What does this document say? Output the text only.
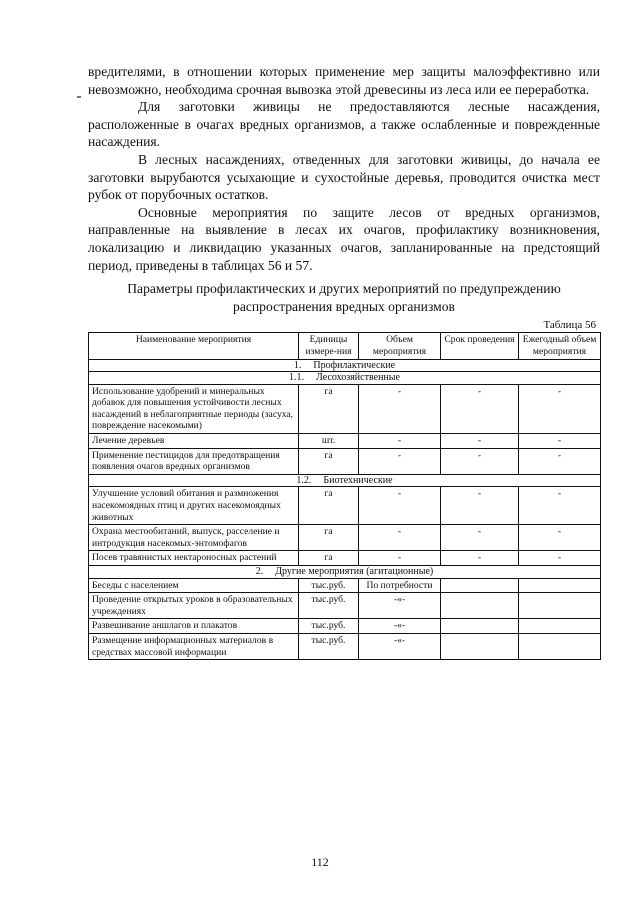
вредителями, в отношении которых применение мер защиты малоэффективно или невозможно, необходима срочная вывозка этой древесины из леса или ее переработка.

Для заготовки живицы не предоставляются лесные насаждения, расположенные в очагах вредных организмов, а также ослабленные и поврежденные насаждения.

В лесных насаждениях, отведенных для заготовки живицы, до начала ее заготовки вырубаются усыхающие и сухостойные деревья, проводится очистка мест рубок от порубочных остатков.

Основные мероприятия по защите лесов от вредных организмов, направленные на выявление в лесах их очагов, профилактику возникновения, локализацию и ликвидацию указанных очагов, запланированные на предстоящий период, приведены в таблицах 56 и 57.

Параметры профилактических и других мероприятий по предупреждению
распространения вредных организмов
Таблица 56
Наименование мероприятия	Единицы измере-ния	Объем мероприятия	Срок проведения	Ежегодный объем мероприятия
1. Профилактические				
1.1. Лесохозяйственные				
Использование удобрений и минеральных добавок для повышения устойчивости лесных насаждений в неблагоприятные периоды (засуха, повреждение насекомыми)	га	-	-	-
Лечение деревьев	шт.	-	-	-
Применение пестицидов для предотвращения появления очагов вредных организмов	га	-	-	-
1.2. Биотехнические				
Улучшение условий обитания и размножения насекомоядных птиц и других насекомоядных животных	га	-	-	-
Охрана местообитаний, выпуск, расселение и интродукция насекомых-энтомофагов	га	-	-	-
Посев травянистых нектароносных растений	га	-	-	-
2. Другие мероприятия (агитационные)				
Беседы с населением	тыс.руб.	По потребности		
Проведение открытых уроков в образовательных учреждениях	тыс.руб.	-«-		
Развешивание аншлагов и плакатов	тыс.руб.	-«-		
Размещение информационных материалов в средствах массовой информации	тыс.руб.	-«-		
112
